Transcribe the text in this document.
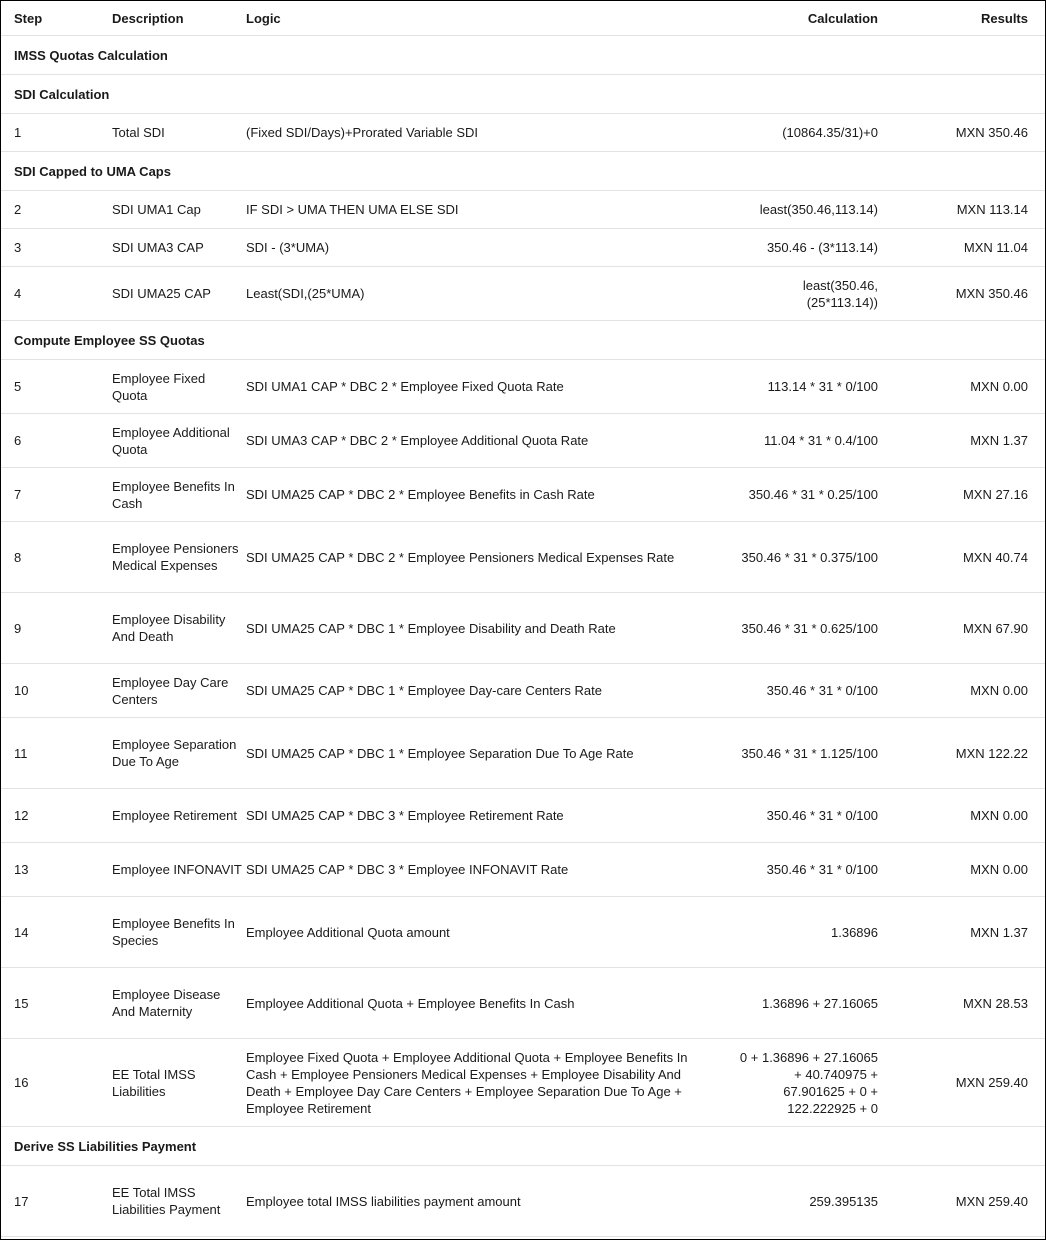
Step	Description	Logic	Calculation	Results
IMSS Quotas Calculation				
SDI Calculation				
1	Total SDI	(Fixed SDI/Days)+Prorated Variable SDI	(10864.35/31)+0	MXN 350.46
SDI Capped to UMA Caps				
2	SDI UMA1 Cap	IF SDI > UMA THEN UMA ELSE SDI	least(350.46,113.14)	MXN 113.14
3	SDI UMA3 CAP	SDI - (3*UMA)	350.46 - (3*113.14)	MXN 11.04
4	SDI UMA25 CAP	Least(SDI,(25*UMA)	least(350.46, (25*113.14))	MXN 350.46
Compute Employee SS Quotas				
5	Employee Fixed Quota	SDI UMA1 CAP * DBC 2 * Employee Fixed Quota Rate	113.14 * 31 * 0/100	MXN 0.00
6	Employee Additional Quota	SDI UMA3 CAP * DBC 2 * Employee Additional Quota Rate	11.04 * 31 * 0.4/100	MXN 1.37
7	Employee Benefits In Cash	SDI UMA25 CAP * DBC 2 * Employee Benefits in Cash Rate	350.46 * 31 * 0.25/100	MXN 27.16
8	Employee Pensioners Medical Expenses	SDI UMA25 CAP * DBC 2 * Employee Pensioners Medical Expenses Rate	350.46 * 31 * 0.375/100	MXN 40.74
9	Employee Disability And Death	SDI UMA25 CAP * DBC 1 * Employee Disability and Death Rate	350.46 * 31 * 0.625/100	MXN 67.90
10	Employee Day Care Centers	SDI UMA25 CAP * DBC 1 * Employee Day-care Centers Rate	350.46 * 31 * 0/100	MXN 0.00
11	Employee Separation Due To Age	SDI UMA25 CAP * DBC 1 * Employee Separation Due To Age Rate	350.46 * 31 * 1.125/100	MXN 122.22
12	Employee Retirement	SDI UMA25 CAP * DBC 3 * Employee Retirement Rate	350.46 * 31 * 0/100	MXN 0.00
13	Employee INFONAVIT	SDI UMA25 CAP * DBC 3 * Employee INFONAVIT Rate	350.46 * 31 * 0/100	MXN 0.00
14	Employee Benefits In Species	Employee Additional Quota amount	1.36896	MXN 1.37
15	Employee Disease And Maternity	Employee Additional Quota + Employee Benefits In Cash	1.36896 + 27.16065	MXN 28.53
16	EE Total IMSS Liabilities	Employee Fixed Quota + Employee Additional Quota + Employee Benefits In Cash + Employee Pensioners Medical Expenses + Employee Disability And Death + Employee Day Care Centers + Employee Separation Due To Age + Employee Retirement	0 + 1.36896 + 27.16065 + 40.740975 + 67.901625 + 0 + 122.222925 + 0	MXN 259.40
Derive SS Liabilities Payment				
17	EE Total IMSS Liabilities Payment	Employee total IMSS liabilities payment amount	259.395135	MXN 259.40
